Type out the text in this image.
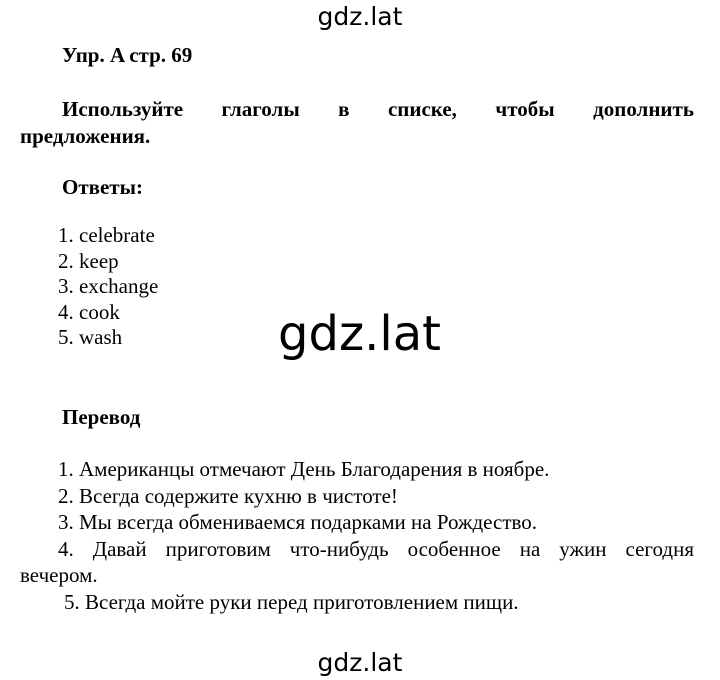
gdz.lat
Упр. A стр. 69
Используйте глаголы в списке, чтобы дополнить
предложения.
Ответы:
1. celebrate
2. keep
3. exchange
4. cook
5. wash	gdz.lat
Перевод
1. Американцы отмечают День Благодарения в ноябре.
2. Всегда содержите кухню в чистоте!
3. Мы всегда обмениваемся подарками на Рождество.
4. Давай приготовим что-нибудь особенное на ужин сегодня
вечером.
5. Всегда мойте руки перед приготовлением пищи.
gdz.lat
